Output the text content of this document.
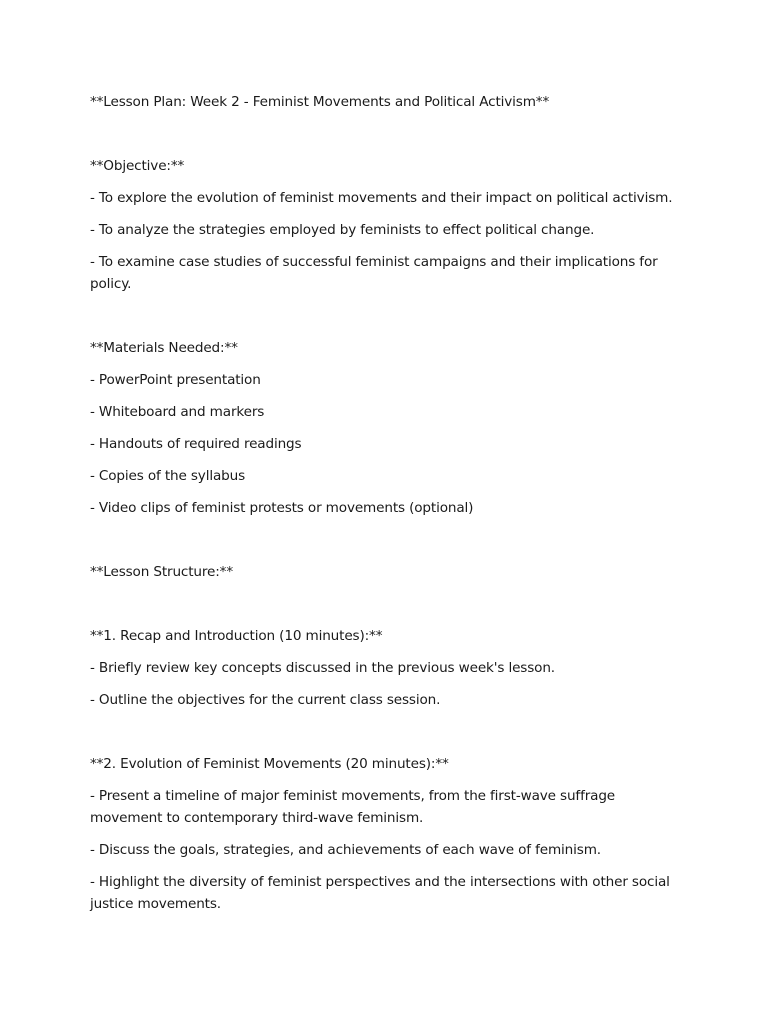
**Lesson Plan: Week 2 - Feminist Movements and Political Activism**

**Objective:**

- To explore the evolution of feminist movements and their impact on political activism.

- To analyze the strategies employed by feminists to effect political change.

- To examine case studies of successful feminist campaigns and their implications for policy.

**Materials Needed:**

- PowerPoint presentation

- Whiteboard and markers

- Handouts of required readings

- Copies of the syllabus

- Video clips of feminist protests or movements (optional)

**Lesson Structure:**

**1. Recap and Introduction (10 minutes):**

- Briefly review key concepts discussed in the previous week's lesson.

- Outline the objectives for the current class session.

**2. Evolution of Feminist Movements (20 minutes):**

- Present a timeline of major feminist movements, from the first-wave suffrage movement to contemporary third-wave feminism.

- Discuss the goals, strategies, and achievements of each wave of feminism.

- Highlight the diversity of feminist perspectives and the intersections with other social justice movements.
